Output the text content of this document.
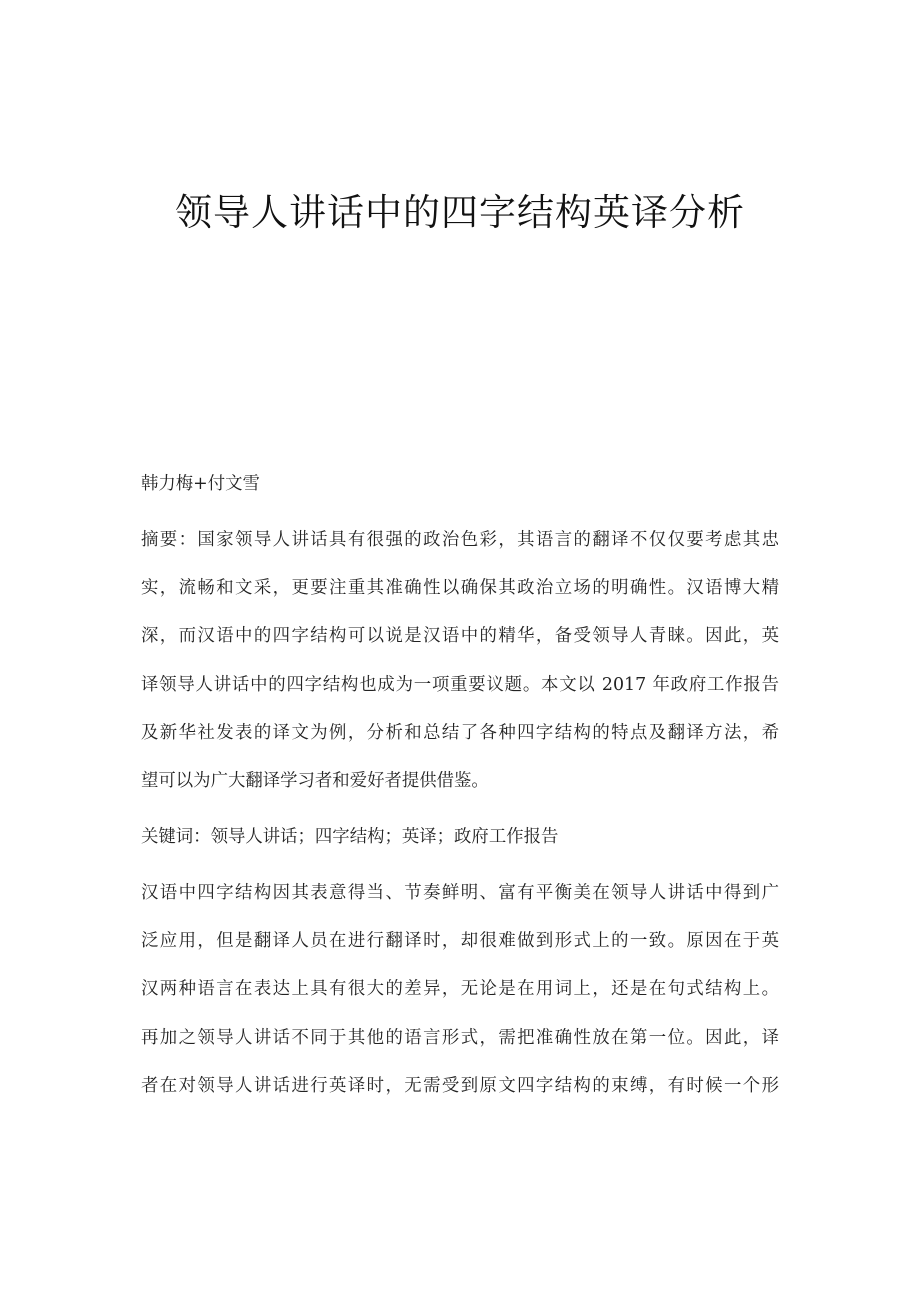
领导人讲话中的四字结构英译分析

韩力梅+付文雪

摘要：国家领导人讲话具有很强的政治色彩，其语言的翻译不仅仅要考虑其忠

实，流畅和文采，更要注重其准确性以确保其政治立场的明确性。汉语博大精

深，而汉语中的四字结构可以说是汉语中的精华，备受领导人青睐。因此，英

译领导人讲话中的四字结构也成为一项重要议题。本文以 2017 年政府工作报告

及新华社发表的译文为例，分析和总结了各种四字结构的特点及翻译方法，希

望可以为广大翻译学习者和爱好者提供借鉴。

关键词：领导人讲话；四字结构；英译；政府工作报告

汉语中四字结构因其表意得当、节奏鲜明、富有平衡美在领导人讲话中得到广

泛应用，但是翻译人员在进行翻译时，却很难做到形式上的一致。原因在于英

汉两种语言在表达上具有很大的差异，无论是在用词上，还是在句式结构上。

再加之领导人讲话不同于其他的语言形式，需把准确性放在第一位。因此，译

者在对领导人讲话进行英译时，无需受到原文四字结构的束缚，有时候一个形
